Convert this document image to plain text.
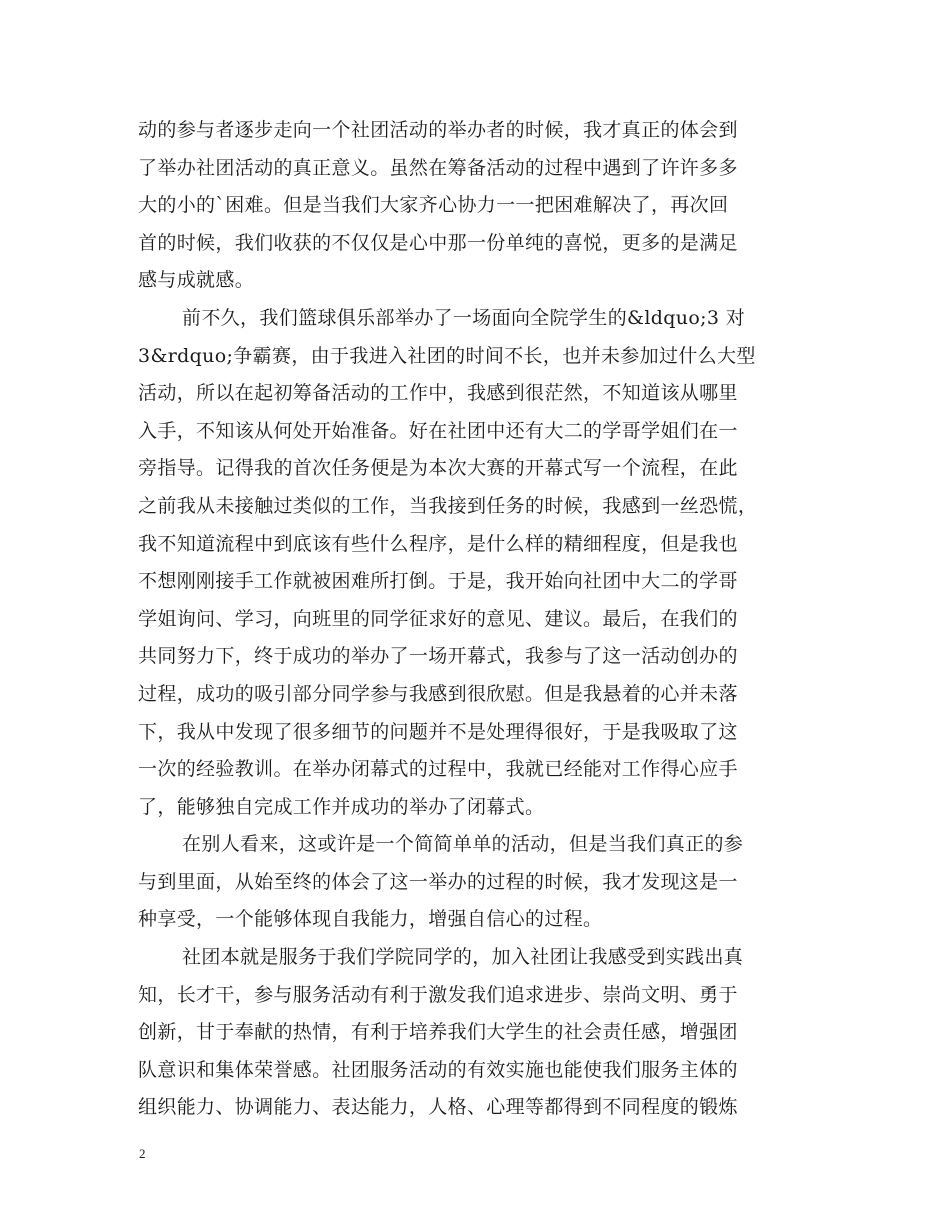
动的参与者逐步走向一个社团活动的举办者的时候，我才真正的体会到
了举办社团活动的真正意义。虽然在筹备活动的过程中遇到了许许多多
大的小的`困难。但是当我们大家齐心协力一一把困难解决了，再次回
首的时候，我们收获的不仅仅是心中那一份单纯的喜悦，更多的是满足
感与成就感。
前不久，我们篮球俱乐部举办了一场面向全院学生的&ldquo;3 对
3&rdquo;争霸赛，由于我进入社团的时间不长，也并未参加过什么大型
活动，所以在起初筹备活动的工作中，我感到很茫然，不知道该从哪里
入手，不知该从何处开始准备。好在社团中还有大二的学哥学姐们在一
旁指导。记得我的首次任务便是为本次大赛的开幕式写一个流程，在此
之前我从未接触过类似的工作，当我接到任务的时候，我感到一丝恐慌，
我不知道流程中到底该有些什么程序，是什么样的精细程度，但是我也
不想刚刚接手工作就被困难所打倒。于是，我开始向社团中大二的学哥
学姐询问、学习，向班里的同学征求好的意见、建议。最后，在我们的
共同努力下，终于成功的举办了一场开幕式，我参与了这一活动创办的
过程，成功的吸引部分同学参与我感到很欣慰。但是我悬着的心并未落
下，我从中发现了很多细节的问题并不是处理得很好，于是我吸取了这
一次的经验教训。在举办闭幕式的过程中，我就已经能对工作得心应手
了，能够独自完成工作并成功的举办了闭幕式。
在别人看来，这或许是一个简简单单的活动，但是当我们真正的参
与到里面，从始至终的体会了这一举办的过程的时候，我才发现这是一
种享受，一个能够体现自我能力，增强自信心的过程。
社团本就是服务于我们学院同学的，加入社团让我感受到实践出真
知，长才干，参与服务活动有利于激发我们追求进步、崇尚文明、勇于
创新，甘于奉献的热情，有利于培养我们大学生的社会责任感，增强团
队意识和集体荣誉感。社团服务活动的有效实施也能使我们服务主体的
组织能力、协调能力、表达能力，人格、心理等都得到不同程度的锻炼
2
